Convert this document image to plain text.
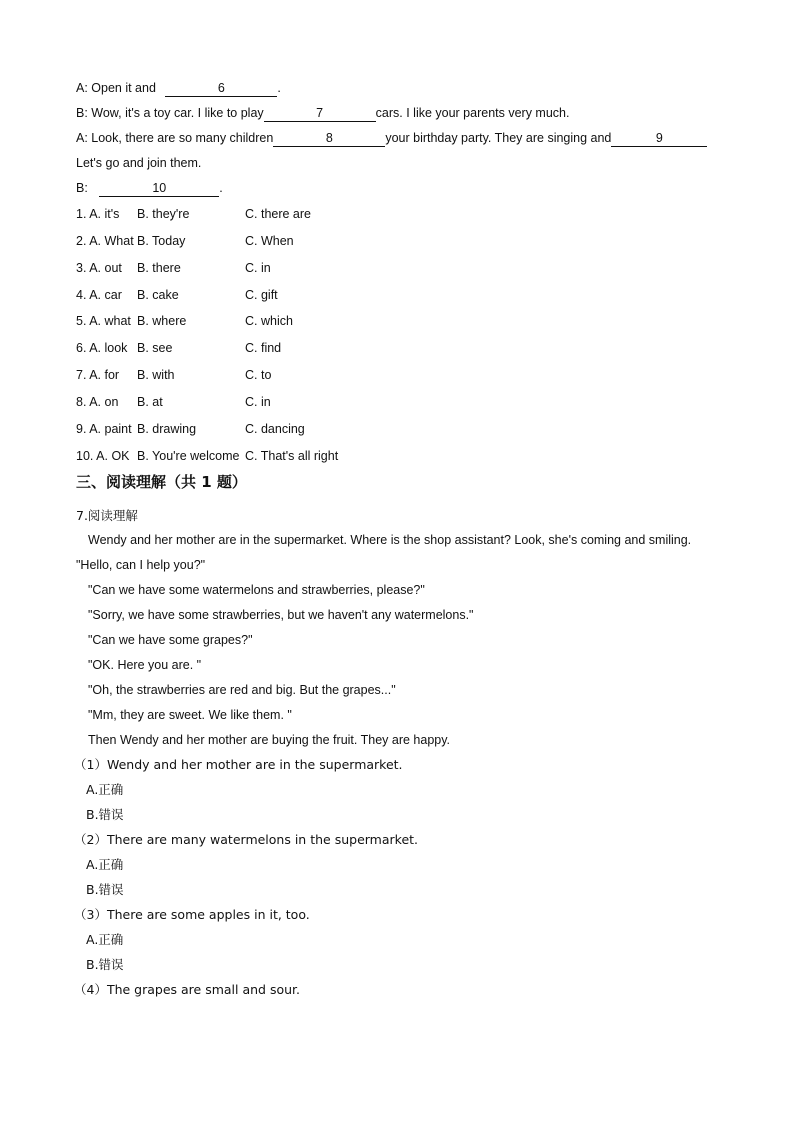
A: Open it and	6	.
B: Wow, it's a toy car. I like to play	7	cars. I like your parents very much.
A: Look, there are so many children	8	your birthday party. They are singing and	9
Let's go and join them.
B:	10	.
1. A. it's B. they're	C. there are
2. A. What B. Today	C. When
3. A. out B. there	C. in
4. A. car B. cake	C. gift
5. A. what B. where	C. which
6. A. look B. see	C. find
7. A. for B. with	C. to
8. A. on B. at	C. in
9. A. paint B. drawing	C. dancing
10. A. OK B. You're welcome C. That's all right
三、阅读理解（共 1 题）
7.阅读理解
Wendy and her mother are in the supermarket. Where is the shop assistant? Look, she's coming and smiling.
"Hello, can I help you?"
"Can we have some watermelons and strawberries, please?"
"Sorry, we have some strawberries, but we haven't any watermelons."
"Can we have some grapes?"
"OK. Here you are. "
"Oh, the strawberries are red and big. But the grapes..."
"Mm, they are sweet. We like them. "
Then Wendy and her mother are buying the fruit. They are happy.
（1）Wendy and her mother are in the supermarket.
A.正确
B.错误
（2）There are many watermelons in the supermarket.
A.正确
B.错误
（3）There are some apples in it, too.
A.正确
B.错误
（4）The grapes are small and sour.
